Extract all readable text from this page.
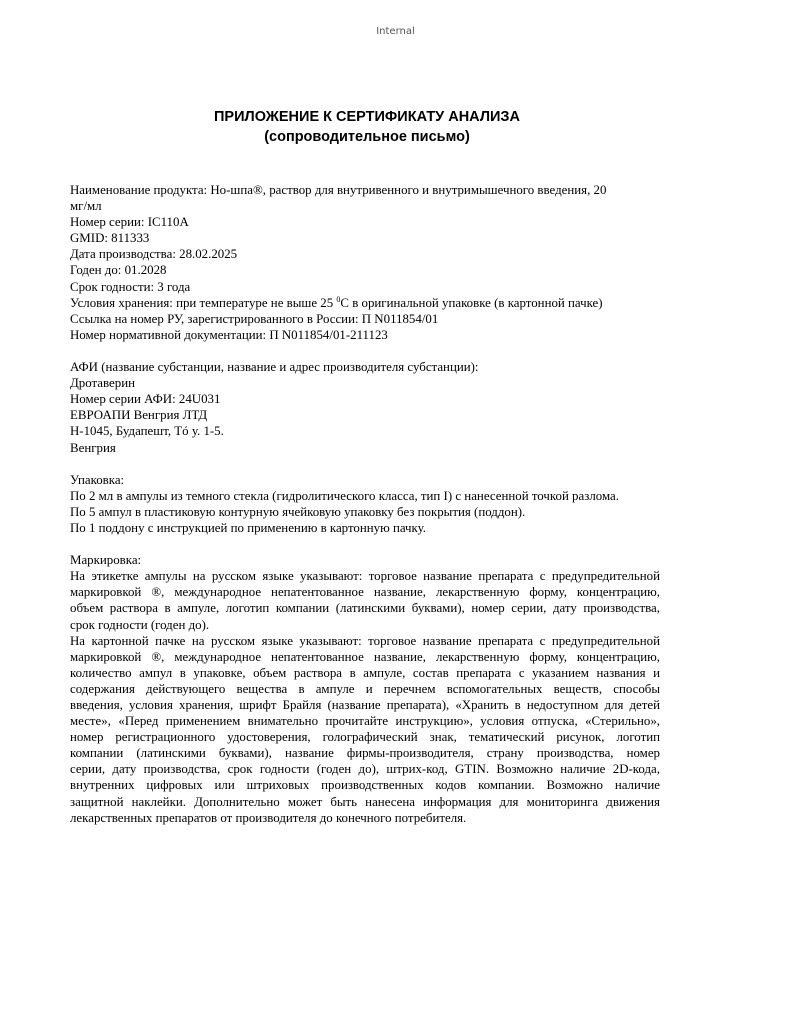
Internal
ПРИЛОЖЕНИЕ К СЕРТИФИКАТУ АНАЛИЗА
(сопроводительное письмо)
Наименование продукта: Но-шпа®, раствор для внутривенного и внутримышечного введения, 20
мг/мл
Номер серии: IC110A
GMID: 811333
Дата производства: 28.02.2025
Годен до: 01.2028
Срок годности: 3 года
Условия хранения: при температуре не выше 25 $^0$С в оригинальной упаковке (в картонной пачке)
Ссылка на номер РУ, зарегистрированного в России: П N011854/01
Номер нормативной документации: П N011854/01-211123
АФИ (название субстанции, название и адрес производителя субстанции):
Дротаверин
Номер серии АФИ: 24U031
ЕВРОАПИ Венгрия ЛТД
H-1045, Будапешт, Тó у. 1-5.
Венгрия
Упаковка:
По 2 мл в ампулы из темного стекла (гидролитического класса, тип I) с нанесенной точкой разлома.
По 5 ампул в пластиковую контурную ячейковую упаковку без покрытия (поддон).
По 1 поддону с инструкцией по применению в картонную пачку.
Маркировка:
На этикетке ампулы на русском языке указывают: торговое название препарата с предупредительной
маркировкой ®, международное непатентованное название, лекарственную форму, концентрацию,
объем раствора в ампуле, логотип компании (латинскими буквами), номер серии, дату производства,
срок годности (годен до).
На картонной пачке на русском языке указывают: торговое название препарата с предупредительной
маркировкой ®, международное непатентованное название, лекарственную форму, концентрацию,
количество ампул в упаковке, объем раствора в ампуле, состав препарата с указанием названия и
содержания действующего вещества в ампуле и перечнем вспомогательных веществ, способы
введения, условия хранения, шрифт Брайля (название препарата), «Хранить в недоступном для детей
месте», «Перед применением внимательно прочитайте инструкцию», условия отпуска, «Стерильно»,
номер регистрационного удостоверения, голографический знак, тематический рисунок, логотип
компании (латинскими буквами), название фирмы-производителя, страну производства, номер
серии, дату производства, срок годности (годен до), штрих-код, GTIN. Возможно наличие 2D-кода,
внутренних цифровых или штриховых производственных кодов компании. Возможно наличие
защитной наклейки. Дополнительно может быть нанесена информация для мониторинга движения
лекарственных препаратов от производителя до конечного потребителя.
